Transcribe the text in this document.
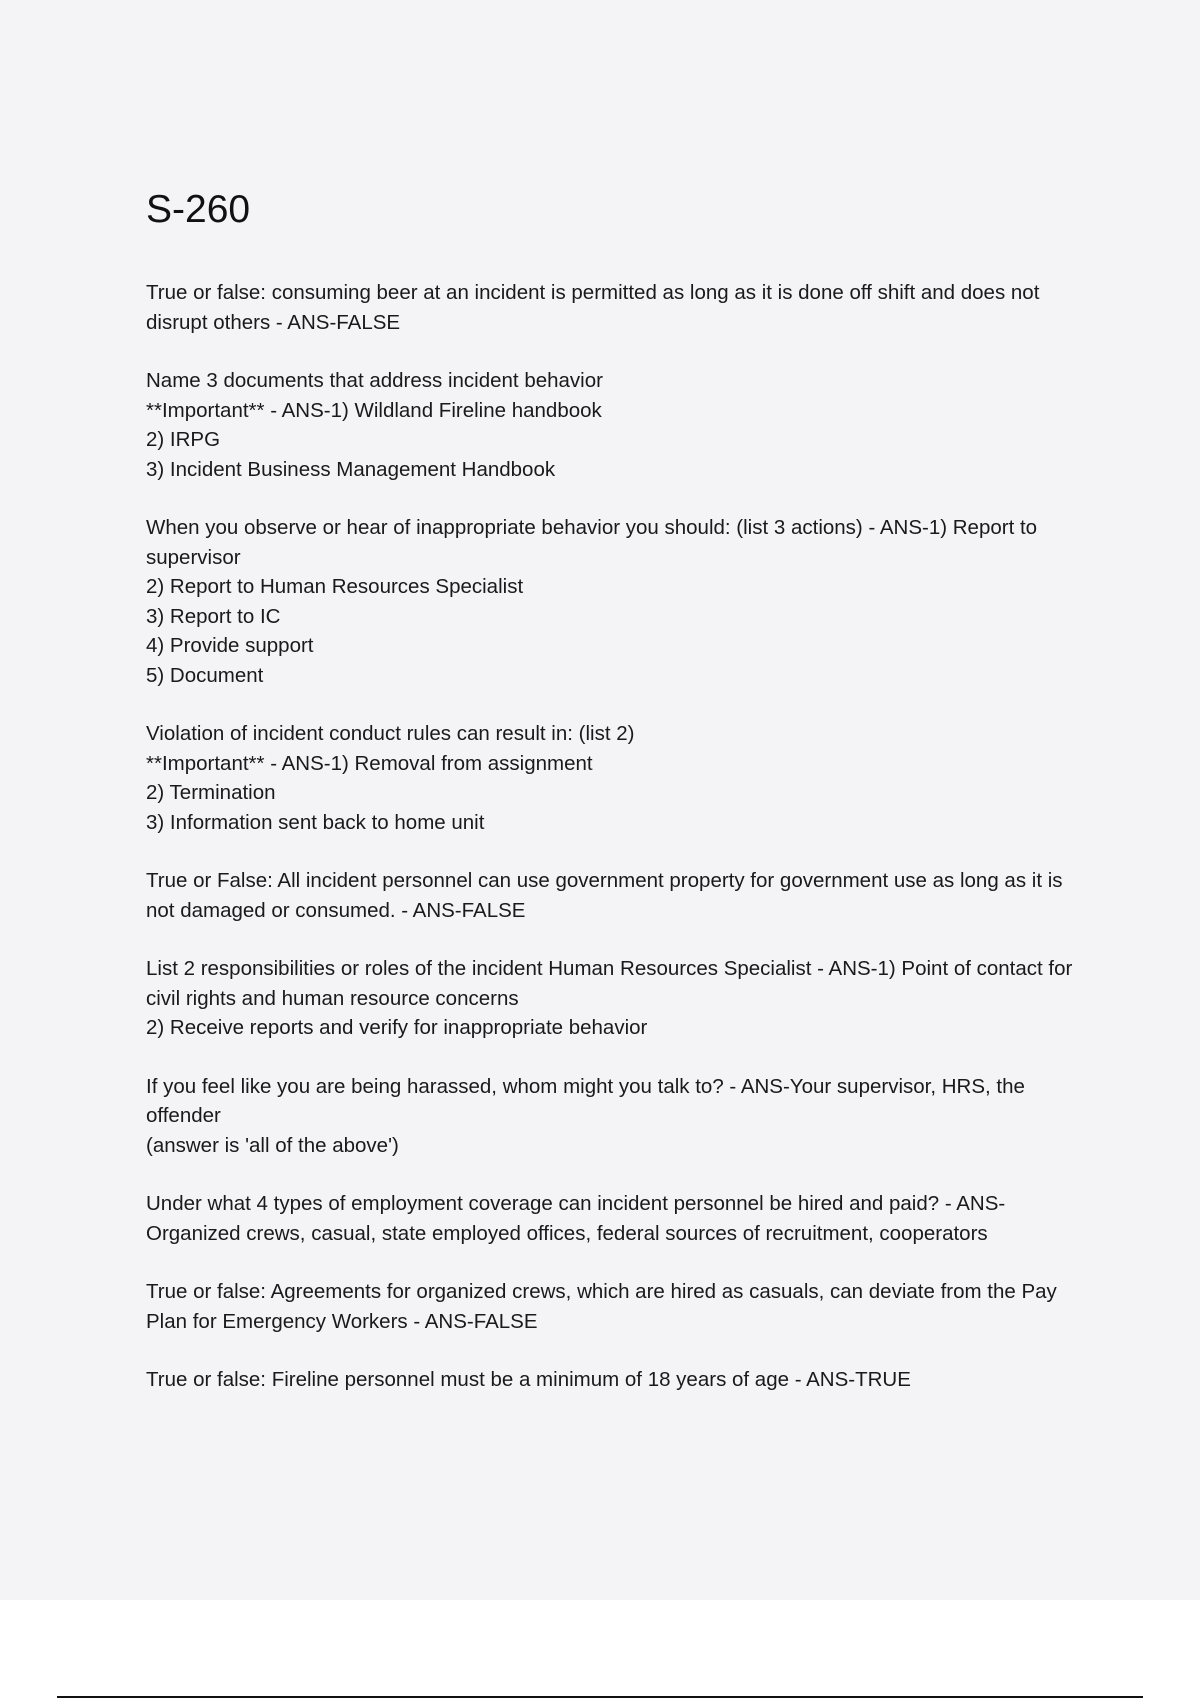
S-260

True or false: consuming beer at an incident is permitted as long as it is done off shift and does not disrupt others - ANS-FALSE

Name 3 documents that address incident behavior
**Important** - ANS-1) Wildland Fireline handbook
2) IRPG
3) Incident Business Management Handbook

When you observe or hear of inappropriate behavior you should: (list 3 actions) - ANS-1) Report to supervisor
2) Report to Human Resources Specialist
3) Report to IC
4) Provide support
5) Document

Violation of incident conduct rules can result in: (list 2)
**Important** - ANS-1) Removal from assignment
2) Termination
3) Information sent back to home unit

True or False: All incident personnel can use government property for government use as long as it is not damaged or consumed. - ANS-FALSE

List 2 responsibilities or roles of the incident Human Resources Specialist - ANS-1) Point of contact for civil rights and human resource concerns
2) Receive reports and verify for inappropriate behavior

If you feel like you are being harassed, whom might you talk to? - ANS-Your supervisor, HRS, the offender
(answer is 'all of the above')

Under what 4 types of employment coverage can incident personnel be hired and paid? - ANS-Organized crews, casual, state employed offices, federal sources of recruitment, cooperators

True or false: Agreements for organized crews, which are hired as casuals, can deviate from the Pay Plan for Emergency Workers - ANS-FALSE

True or false: Fireline personnel must be a minimum of 18 years of age - ANS-TRUE
